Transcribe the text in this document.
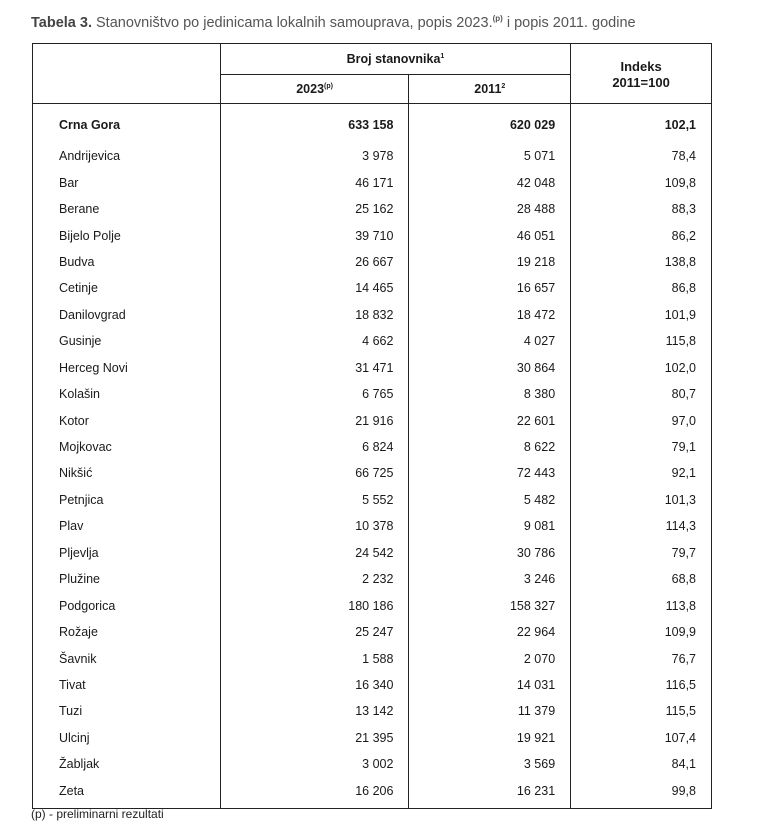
Tabela 3. Stanovništvo po jedinicama lokalnih samouprava, popis 2023.$^{(p)}$ i popis 2011. godine
	Broj stanovnika$^1$		Indeks
2011=100

	2023$^{(p)}$	2011$^2$
Crna Gora	633 158	620 029	102,1
Andrijevica	3 978	5 071	78,4
Bar	46 171	42 048	109,8
Berane	25 162	28 488	88,3
Bijelo Polje	39 710	46 051	86,2
Budva	26 667	19 218	138,8
Cetinje	14 465	16 657	86,8
Danilovgrad	18 832	18 472	101,9
Gusinje	4 662	4 027	115,8
Herceg Novi	31 471	30 864	102,0
Kolašin	6 765	8 380	80,7
Kotor	21 916	22 601	97,0
Mojkovac	6 824	8 622	79,1
Nikšić	66 725	72 443	92,1
Petnjica	5 552	5 482	101,3
Plav	10 378	9 081	114,3
Pljevlja	24 542	30 786	79,7
Plužine	2 232	3 246	68,8
Podgorica	180 186	158 327	113,8
Rožaje	25 247	22 964	109,9
Šavnik	1 588	2 070	76,7
Tivat	16 340	14 031	116,5
Tuzi	13 142	11 379	115,5
Ulcinj	21 395	19 921	107,4
Žabljak	3 002	3 569	84,1
Zeta	16 206	16 231	99,8
(p) - preliminarni rezultati
